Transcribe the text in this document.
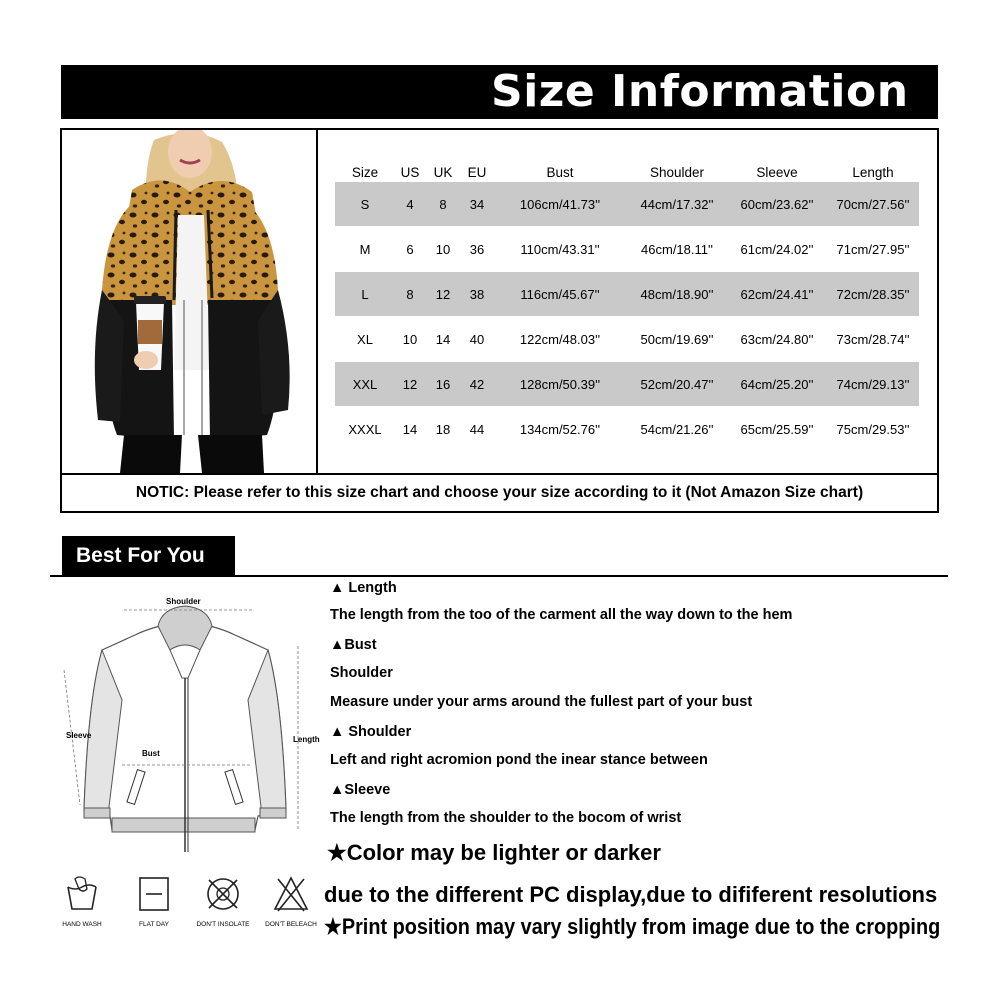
Size Information
Size	US	UK	EU	Bust	Shoulder	Sleeve	Length
S	4	8	34	106cm/41.73''	44cm/17.32''	60cm/23.62''	70cm/27.56''
M	6	10	36	110cm/43.31''	46cm/18.11''	61cm/24.02''	71cm/27.95''
L	8	12	38	116cm/45.67''	48cm/18.90''	62cm/24.41''	72cm/28.35''
XL	10	14	40	122cm/48.03''	50cm/19.69''	63cm/24.80''	73cm/28.74''
XXL	12	16	42	128cm/50.39''	52cm/20.47''	64cm/25.20''	74cm/29.13''
XXXL	14	18	44	134cm/52.76''	54cm/21.26''	65cm/25.59''	75cm/29.53''
NOTIC: Please refer to this size chart and choose your size according to it (Not Amazon Size chart)
Best For You
Shoulder
Sleeve
Bust
Length
▲ Length
The length from the too of the carment all the way down to the hem
▲Bust
Shoulder
Measure under your arms around the fullest part of your bust
▲ Shoulder
Left and right acromion pond the inear stance between
▲Sleeve
The length from the shoulder to the bocom of wrist
★Color may be lighter or darker
due to the different PC display,due to dififerent resolutions
★Print position may vary slightly from image due to the cropping
HAND WASH	FLAT DAY	DON'T INSOLATE	DON'T BELEACH
